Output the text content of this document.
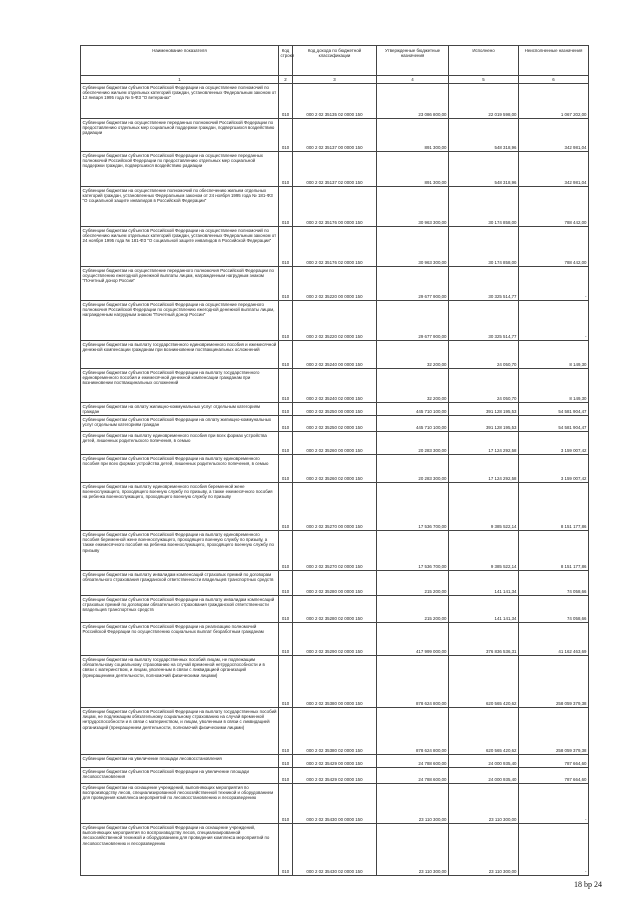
Наименование показателя	Код строки	Код дохода по бюджетной классификации	Утвержденные бюджетные назначения	Исполнено	Неисполненные назначения
1	2	3	4	5	6
Субвенции бюджетам субъектов Российской Федерации на осуществление полномочий по обеспечению жильем отдельных категорий граждан, установленных Федеральным законом от 12 января 1995 года № 5-ФЗ "О ветеранах"	010	000 2 02 35135 02 0000 150	23 086 800,00	22 019 598,00	1 067 202,00
Субвенции бюджетам на осуществление переданных полномочий Российской Федерации по предоставлению отдельных мер социальной поддержки граждан, подвергшихся воздействию радиации	010	000 2 02 35137 00 0000 150	891 300,00	548 318,96	342 981,04
Субвенции бюджетам субъектов Российской Федерации на осуществление переданных полномочий Российской Федерации по предоставлению отдельных мер социальной поддержки граждан, подвергшихся воздействию радиации	010	000 2 02 35137 02 0000 150	891 300,00	548 318,96	342 981,04
Субвенции бюджетам на осуществление полномочий по обеспечению жильем отдельных категорий граждан, установленных Федеральным законом от 24 ноября 1995 года № 181-ФЗ "О социальной защите инвалидов в Российской Федерации"	010	000 2 02 35176 00 0000 150	30 963 300,00	30 174 858,00	788 442,00
Субвенции бюджетам субъектов Российской Федерации на осуществление полномочий по обеспечению жильем отдельных категорий граждан, установленных Федеральным законом от 24 ноября 1995 года № 181-ФЗ "О социальной защите инвалидов в Российской Федерации"	010	000 2 02 35176 02 0000 150	30 963 300,00	30 174 858,00	788 442,00
Субвенции бюджетам на осуществление переданного полномочия Российской Федерации по осуществлению ежегодной денежной выплаты лицам, награжденным нагрудным знаком "Почетный донор России"	010	000 2 02 35220 00 0000 150	29 677 900,00	30 325 514,77	-
Субвенции бюджетам субъектов Российской Федерации на осуществление переданного полномочия Российской Федерации по осуществлению ежегодной денежной выплаты лицам, награжденным нагрудным знаком "Почетный донор России"	010	000 2 02 35220 02 0000 150	29 677 900,00	30 325 514,77	-
Субвенции бюджетам на выплату государственного единовременного пособия и ежемесячной денежной компенсации гражданам при возникновении поствакцинальных осложнений	010	000 2 02 35240 00 0000 150	32 200,00	24 050,70	8 149,30
Субвенции бюджетам субъектов Российской Федерации на выплату государственного единовременного пособия и ежемесячной денежной компенсации гражданам при возникновении поствакцинальных осложнений	010	000 2 02 35240 02 0000 150	32 200,00	24 050,70	8 149,30
Субвенции бюджетам на оплату жилищно-коммунальных услуг отдельным категориям граждан	010	000 2 02 35250 00 0000 150	445 710 100,00	391 128 195,53	54 581 904,47
Субвенции бюджетам субъектов Российской Федерации на оплату жилищно-коммунальных услуг отдельным категориям граждан	010	000 2 02 35250 02 0000 150	445 710 100,00	391 128 195,53	54 581 904,47
Субвенции бюджетам на выплату единовременного пособия при всех формах устройства детей, лишенных родительского попечения, в семью	010	000 2 02 35260 00 0000 150	20 283 300,00	17 124 292,58	3 159 007,42
Субвенции бюджетам субъектов Российской Федерации на выплату единовременного пособия при всех формах устройства детей, лишенных родительского попечения, в семью	010	000 2 02 35260 02 0000 150	20 283 300,00	17 124 292,58	3 159 007,42
Субвенции бюджетам на выплату единовременного пособия беременной жене военнослужащего, проходящего военную службу по призыву, а также ежемесячного пособия на ребенка военнослужащего, проходящего военную службу по призыву	010	000 2 02 35270 00 0000 150	17 536 700,00	9 385 522,14	8 151 177,86
Субвенции бюджетам субъектов Российской Федерации на выплату единовременного пособия беременной жене военнослужащего, проходящего военную службу по призыву, а также ежемесячного пособия на ребенка военнослужащего, проходящего военную службу по призыву	010	000 2 02 35270 02 0000 150	17 536 700,00	9 385 522,14	8 151 177,86
Субвенции бюджетам на выплату инвалидам компенсаций страховых премий по договорам обязательного страхования гражданской ответственности владельцев транспортных средств	010	000 2 02 35280 00 0000 150	215 200,00	141 141,34	74 058,66
Субвенции бюджетам субъектов Российской Федерации на выплату инвалидам компенсаций страховых премий по договорам обязательного страхования гражданской ответственности владельцев транспортных средств	010	000 2 02 35280 02 0000 150	215 200,00	141 141,34	74 058,66
Субвенции бюджетам субъектов Российской Федерации на реализацию полномочий Российской Федерации по осуществлению социальных выплат безработным гражданам	010	000 2 02 35290 02 0000 150	417 999 000,00	376 836 536,31	41 162 463,69
Субвенции бюджетам на выплату государственных пособий лицам, не подлежащим обязательному социальному страхованию на случай временной нетрудоспособности и в связи с материнством, и лицам, уволенным в связи с ликвидацией организаций (прекращением деятельности, полномочий физическими лицами)	010	000 2 02 35380 00 0000 150	878 624 800,00	620 565 420,62	258 059 379,38
Субвенции бюджетам субъектов Российской Федерации на выплату государственных пособий лицам, не подлежащим обязательному социальному страхованию на случай временной нетрудоспособности и в связи с материнством, и лицам, уволенным в связи с ликвидацией организаций (прекращением деятельности, полномочий физическими лицами)	010	000 2 02 35380 02 0000 150	878 624 800,00	620 565 420,62	258 059 379,38
Субвенции бюджетам на увеличение площади лесовосстановления	010	000 2 02 35429 00 0000 150	24 788 600,00	24 000 935,40	787 664,60
Субвенции бюджетам субъектов Российской Федерации на увеличение площади лесовосстановления	010	000 2 02 35429 02 0000 150	24 788 600,00	24 000 935,40	787 664,60
Субвенции бюджетам на оснащение учреждений, выполняющих мероприятия по воспроизводству лесов, специализированной лесохозяйственной техникой и оборудованием для проведения комплекса мероприятий по лесовосстановлению и лесоразведению	010	000 2 02 35430 00 0000 150	23 110 300,00	23 110 300,00	-
Субвенции бюджетам субъектов Российской Федерации на оснащение учреждений, выполняющих мероприятия по воспроизводству лесов, специализированной лесохозяйственной техникой и оборудованием для проведения комплекса мероприятий по лесовосстановлению и лесоразведению	010	000 2 02 35430 02 0000 150	23 110 300,00	23 110 300,00	-
18 bp 24
